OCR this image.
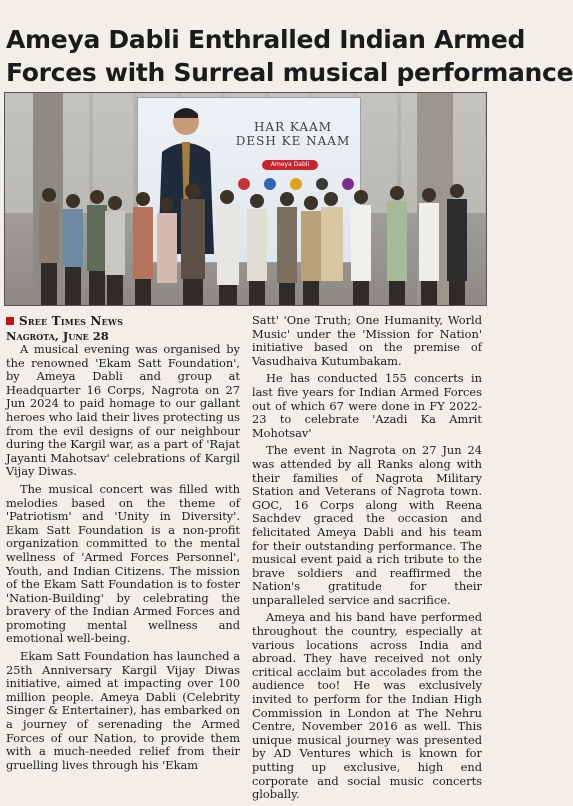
Ameya Dabli Enthralled Indian Armed
Forces with Surreal musical performance
HAR KAAM
DESH KE NAAM
Ameya Dabli
Sree Times News
Nagrota, June 28

A musical evening was organised by the renowned 'Ekam Satt Foundation', by Ameya Dabli and group at Headquarter 16 Corps, Nagrota on 27 Jun 2024 to paid homage to our gallant heroes who laid their lives protecting us from the evil designs of our neighbour during the Kargil war, as a part of 'Rajat Jayanti Mahotsav' celebrations of Kargil Vijay Diwas.

The musical concert was filled with melodies based on the theme of 'Patriotism' and 'Unity in Diversity'. Ekam Satt Foundation is a non-profit organization committed to the mental wellness of 'Armed Forces Personnel', Youth, and Indian Citizens. The mission of the Ekam Satt Foundation is to foster 'Nation-Building' by celebrating the bravery of the Indian Armed Forces and promoting mental wellness and emotional well-being.

Ekam Satt Foundation has launched a 25th Anniversary Kargil Vijay Diwas initiative, aimed at impacting over 100 million people. Ameya Dabli (Celebrity Singer & Entertainer), has embarked on a journey of serenading the Armed Forces of our Nation, to provide them with a much-needed relief from their gruelling lives through his 'Ekam

Satt' 'One Truth; One Humanity, World Music' under the 'Mission for Nation' initiative based on the premise of Vasudhaiva Kutumbakam.

He has conducted 155 concerts in last five years for Indian Armed Forces out of which 67 were done in FY 2022-23 to celebrate 'Azadi Ka Amrit Mohotsav'

The event in Nagrota on 27 Jun 24 was attended by all Ranks along with their families of Nagrota Military Station and Veterans of Nagrota town. GOC, 16 Corps along with Reena Sachdev graced the occasion and felicitated Ameya Dabli and his team for their outstanding performance. The musical event paid a rich tribute to the brave soldiers and reaffirmed the Nation's gratitude for their unparalleled service and sacrifice.

Ameya and his band have performed throughout the country, especially at various locations across India and abroad. They have received not only critical acclaim but accolades from the audience too! He was exclusively invited to perform for the Indian High Commission in London at The Nehru Centre, November 2016 as well. This unique musical journey was presented by AD Ventures which is known for putting up exclusive, high end corporate and social music concerts globally.
